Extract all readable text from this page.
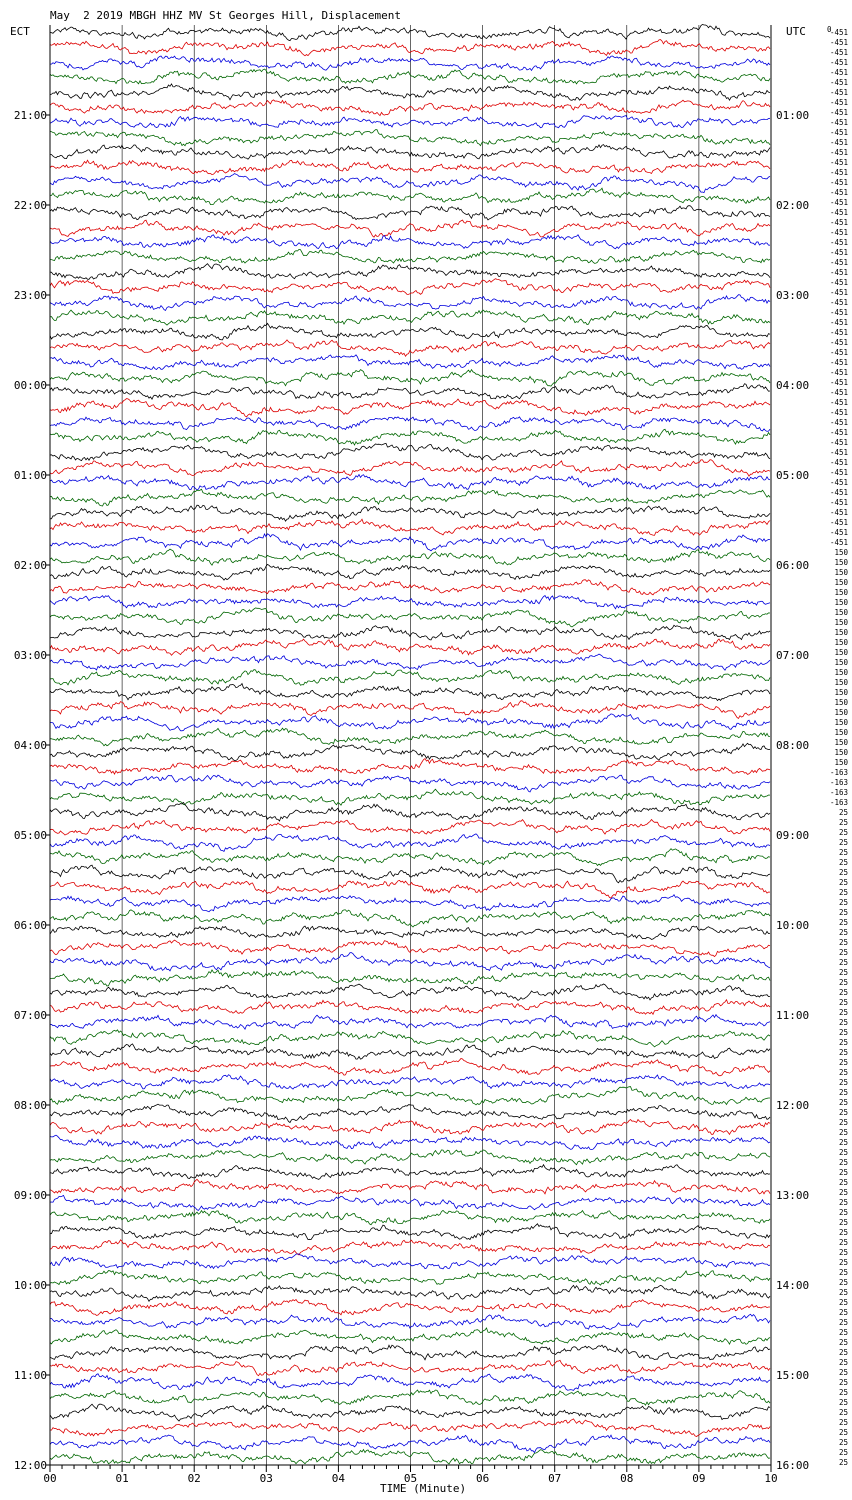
00	01	02	03	04	05	06	07	08	09	10
21:00
22:00
23:00
00:00
01:00
02:00
03:00
04:00
05:00
06:00
07:00
08:00
09:00
10:00
11:00
12:00
01:00
02:00
03:00
04:00
05:00
06:00
07:00
08:00
09:00
10:00
11:00
12:00
13:00
14:00
15:00
16:00
0
-451
-451
-451
-451
-451
-451
-451
-451
-451
-451
-451
-451
-451
-451
-451
-451
-451
-451
-451
-451
-451
-451
-451
-451
-451
-451
-451
-451
-451
-451
-451
-451
-451
-451
-451
-451
-451
-451
-451
-451
-451
-451
-451
-451
-451
-451
-451
-451
-451
-451
-451
-451
150
150
150
150
150
150
150
150
150
150
150
150
150
150
150
150
150
150
150
150
150
150
-163
-163
-163
-163
25
25
25
25
25
25
25
25
25
25
25
25
25
25
25
25
25
25
25
25
25
25
25
25
25
25
25
25
25
25
25
25
25
25
25
25
25
25
25
25
25
25
25
25
25
25
25
25
25
25
25
25
25
25
25
25
25
25
25
25
25
25
25
25
25
25
May  2 2019 MBGH HHZ MV St Georges Hill, Displacement
ECT	UTC
TIME (Minute)
